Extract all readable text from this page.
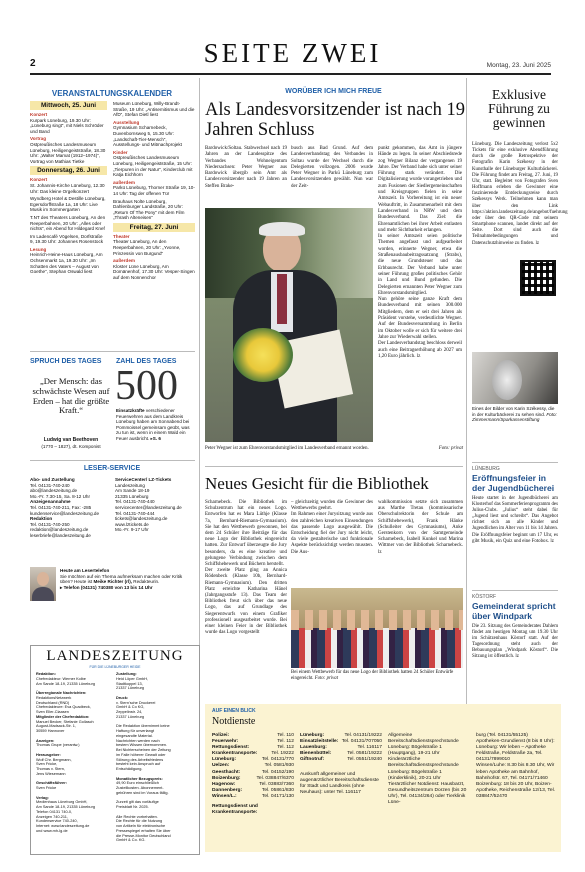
2	SEITE ZWEI	Montag, 23. Juni 2025
VERANSTALTUNGSKALENDER
Mittwoch, 25. Juni
Konzert
Kurpark Lüneburg, 19.30 Uhr: „Lüneburg singt“, mit Niels Schröder und Band
Vortrag
Ostpreußisches Landesmuseum Lüneburg, Heiligengeiststraße, 18.30 Uhr: „Walter Mamat (1912–1974)“, Vortrag von Mathias Tietke
Donnerstag, 26. Juni
Konzert
St. Johannis-Kirche Lüneburg, 12.30 Uhr: Das kleine Orgelkonzert
Wyndberg Hotel & Destille Lüneburg, Egersdorffstraße 1a, 18 Uhr: Live Musik im Sommergarten
T.NT des Theaters Lüneburg, An den Reeperbahnen, 20 Uhr: „Alles oder nichts“, ein Abend für Hildegard Knef
Im Ladencafé Vögelsen, Dorfstraße 9, 19.30 Uhr: Johannes Rosenstock
Lesung
Heinrich-Heine-Haus Lüneburg, Am Ochsenmarkt 1a, 19.30 Uhr: „Im Schatten des Vaters – August von Goethe“, Stephan Oswald liest
Museum Lüneburg, Willy-Brandt-Straße, 19 Uhr: „Antisemitismus und die AfD“, Stefan Dietl liest
Ausstellung
Gymnasium Scharnebeck, Duvenbornsweg 5, 15.30 Uhr: „Landschaft-Tier-Mensch“, Ausstellungs- und Mitmachprojekt
Kinder
Ostpreußisches Landesmuseum Lüneburg, Heiligengeiststraße, 15 Uhr: „Tierpuren in der Natur“, Kinderclub mit Katja Eichhorn
außerdem
Parkü Lüneburg, Thorner Straße 19, 10-14 Uhr: Tag der offenen Tür
Brauhaus Nolte Lüneburg, Dahlenburger Landstraße, 20 Uhr: „Return Of The Pony“ mit dem Film „Thrash Alteneisen“
Freitag, 27. Juni
Theater
Theater Lüneburg, An den Reeperbahnen, 20 Uhr: „Yvonne, Prinzessin von Burgund“
außerdem
Kloster Lüne Lüneburg, Am Domänenhof, 17.30 Uhr: Vesper-Singen auf dem Nonnenchor
SPRUCH DES TAGES
„Der Mensch: das schwächste Wesen auf Erden – hat die größte Kraft.“
Ludwig van Beethoven
(1770 – 1827), dt. Komponist
ZAHL DES TAGES
500
Einsatzkräfte verschiedener Feuerwehren aus dem Landkreis Lüneburg haben am Sonnabend bei Pommoissel gemeinsam geübt, was zu tun ist, wenn in einem Wald ein Feuer ausbricht. ▸S. 6
LESER-SERVICE
Abo- und Zustellung
Tel. 04131-740-240
abo@landeszeitung.de
Mo.-Fr. 7.30-15, Sa. 8-12 Uhr
Anzeigenannahme
Tel. 04131-740-211, Fax: -285
kundenservice@landeszeitung.de
Redaktion
Tel. 04131-740-250
redaktion@landeszeitung.de
leserbriefe@landeszeitung.de
ServiceCenter/ LZ-Tickets
Landeszeitung
Am Sande 18-19
21335 Lüneburg
Tel. 04131-740-440
servicecenter@landeszeitung.de
Tel. 04131-740-444
tickets@landeszeitung.de
www.lztickets.de
Mo.-Fr. 9-17 Uhr
Heute am Lesertelefon
Sie möchten auf ein Thema aufmerksam machen oder Kritik üben? Heute ist Meike Richter (rl), Redakteurin.
▸ Telefon (04131) 740380 von 13 bis 14 Uhr
LANDESZEITUNG
FÜR DIE LÜNEBURGER HEIDE
Redaktion:
Chefredakteur: Werner Kolbe
Am Sande 18-19, 21335 Lüneburg

Überregionale Nachrichten:
RedaktionsNetzwerk
Deutschland (RND)
Chefredakteure: Eva Quadbeck,
Sven Eller-Claasen
Mitglieder der Chefredaktion:
Manuel Becker, Stefanie Gollasch
August-Madsack-Str. 1,
30559 Hannover

Anzeigen:
Thomas Grupe (verantw.)

Herausgeber:
Wolf Chr. Bergmann,
Sven Fricke,
Thomas v. Stern,
Jens Wiesemann

Geschäftsführer:
Sven Fricke

Verlag:
Medienhaus Lüneburg GmbH,
Am Sande 18-19, 21335 Lüneburg
Telefon 04131 740-0,
Anzeigen 740-211,
Kundenservice 740-240,
Internet: www.landeszeitung.de
und www.mh-lg.de
Zustellung:
Heid Löper GmbH,
Stadtkoppel 13,
21337 Lüneburg

Druck:
v. Stern'sche Druckerei
GmbH & Co KG,
Zeppelinstr. 24,
21337 Lüneburg

Die Redaktion übernimmt keine
Haftung für unverlangt
eingesandte Material.
Nachrichten werden nach
bestem Wissen übernommen.
Bei Nichterscheinen der Zeitung
im Falle höherer Gewalt oder
Störung des Arbeitsfriedens
besteht kein Anspruch auf
Entschädigung.

Monatlicher Bezugspreis:
49,90 Euro einschließlich
Zustellkosten. Abonnement-
gebühren sind im Voraus fällig.

Zurzeit gilt das vorläufige
Preisblatt Nr. 2025.

Alle Rechte vorbehalten.
Die Rechte für die Nutzung
von Artikeln für elektronische
Pressespiegel erhalten Sie über
die Presse-Monitor Deutschland
GmbH & Co. KG.
WORÜBER ICH MICH FREUE
Als Landesvorsitzender ist nach 19 Jahren Schluss
Bardowick/Soltau. Stabwechsel nach 19 Jahren an der Landesspitze des Verbandes Wohneigentum Niedersachsen: Peter Wegner aus Bardowick übergib sein Amt als Landesvorsitzender nach 19 Jahren an Steffen Brake-
busch aus Bad Grund. Auf dem Landesverbandstag des Verbandes in Soltau wurde der Wechsel durch die Delegierten vollzogen. 2006 wurde Peter Wegner in Parkü Lüneburg zum Landesvorsitzenden gewählt. Nun war der Zeit-
punkt gekommen, das Amt in jüngere Hände zu legen. In seiner Abschiedsrede zog Wegner Bilanz der vergangenen 19 Jahre. Der Verband habe sich unter seiner Führung stark verändert. Die Digitalisierung wurde vorangetrieben und zum Fusionen der Siedlergemeinschaften und Kreisgruppen fielen in seine Amtszeit. In Vorbereitung ist ein neuer Webauftritt, in Zusammenarbeit mit dem Landesverband in NRW und dem Bundesverband. Das Ziel: die Ehrenamtlichen bei ihrer Arbeit entlasten und mehr Sichtbarkeit erlangen.
In seiner Amtszeit seien politische Themen angefasst und aufgearbeitet worden, erinnerte Wegner, etwa die Straßenausbaubeitragssatzung (Strabs), die neue Grundsteuer und das Erbbaurecht. Der Verband habe unter seiner Führung großes politisches Gehör in Land und Bund gefunden. Die Delegierten ernannten Peter Wegner zum Ehrenvorstandsmitglied.
Nun gehöre seine ganze Kraft dem Bundesverband mit seinen 300.000 Mitgliedern, dem er seit drei Jahren als Präsident vorstehe, verdeutlichte Wegner. Auf der Bundesversammlung in Berlin im Oktober wolle er sich für weitere drei Jahre zur Wiederwahl stellen.
Der Landesverbandstag beschloss derweil auch eine Beitragserhöhung ab 2027 um 1,20 Euro jährlich. lz
Peter Wegner ist zum Ehrenvorstandsmitglied im Landesverband ernannt worden.	Foto: privat
Exklusive Führung zu gewinnen
Lüneburg. Die Landeszeitung verlost 5x2 Tickets für eine exklusive Abendführung durch die große Retrospektive der Fotografin Karin Székessy in der Kunsthalle der Lüneburger Kulturbäckerei. Die Führung findet am Freitag, 27. Juni, 19 Uhr, statt. Begleitet von Fotografen Sven Hoffmann erleben die Gewinner eine faszinierende Entdeckungsreise durch Székessys Werk. Teilnehmen kann man über den Link https://aktion.landeszeitung.de/angebot/fuehrung oder über den QR-Code mit seinem Smartphone scannen, landet direkt auf der Seite. Dort sind auch die Teilnahmebedingungen und Datenschutzhinweise zu finden. lz
Eines der Bilder von Karin Székessy, die in der Kulturbäckerei zu sehen sind. Foto: Zimmermann/Sparkassenstiftung
Neues Gesicht für die Bibliothek
Scharnebeck. Die Bibliothek im Schulzentrum hat ein neues Logo. Entworfen hat es Mara Lüthje (Klasse 7a, Bernhard-Riemann-Gymnasium). Sie hat den Wettbewerb gewonnen, bei dem 24 Schüler ihre Beiträge für das neue Logo der Bibliothek eingereicht hatten. Zur Entwurf überzeugte die Jury besonders, da es eine kreative und gelungene Verbindung zwischen dem Schiffshebewerk und Büchern herstellt.
Der zweite Platz ging an Annica Rödenbeck (Klasse 10b, Bernhard-Riemann-Gymnasium). Den dritten Platz erreichte Katharina Hänel (Jahrgangsstufe 13). Das Team der Bibliothek freut sich über das neue Logo, das auf Grundlage des Siegerentwurfs von einem Grafiker professionell ausgearbeitet wurde. Bei einer kleinen Feier in der Bibliothek wurde das Logo vorgestellt
– gleichzeitig wurden die Gewinner des Wettbewerbs geehrt.
Im Rahmen einer Jurysitzung wurde aus den zahlreichen kreativen Einsendungen das passende Logo ausgewählt. Die Entscheidung fiel der Jury nicht leicht, da viele gestalterische und funktionale Aspekte berücksichtigt werden mussten. Die Aus-
wahlkommission setzte sich zusammen aus Marthe Tretau (kommissarische Oberschulrektorin der Schule am Schiffshebewerk), Frank Hänke (Schulleiter des Gymnasiums), Anke Gerstenkorn von der Samtgemeinde Scharnebeck, Isabell Kunkel und Marina Wittmer von der Bibliothek Scharnebeck. lz
Bei einem Wettbewerb für das neue Logo der Bibliothek hatten 24 Schüler Entwürfe eingereicht. Foto: privat
LÜNEBURG
Eröffnungsfeier in der Jugendbücherei
Heute startet in der Jugendbücherei am Klosterhof das Sommerferienprogramm des Julius-Clubs. „Julius“ steht dabei für „Jugend liest und schreibt“. Das Angebot richtet sich an alle Kinder und Jugendlichen im Alter von 11 bis 14 Jahren. Die Eröffnungsfeier beginnt um 17 Uhr, es gibt Musik, ein Quiz und eine Fotobox. lz
KÖSTORF
Gemeinderat spricht über Windpark
Die 23. Sitzung des Gemeinderates Dahlem findet am heutigen Montag um 19.30 Uhr im Schützenhaus Köstorf statt. Auf der Tagesordnung steht auch der Bebauungsplan „Windpark Köstorf“. Die Sitzung ist öffentlich. lz
AUF EINEN BLICK
Notdienste
Polizei:	Tel. 110
Feuerwehr:	Tel. 112
Rettungsdienst:	Tel. 112
Krankentransporte:	Tel. 19222
Lüneburg:	Tel. 04131/770
Uelzen:	Tel. 0581/930
Geesthacht:	Tel. 04152/190
Boizenburg:	Tel. 038847/6370
Hagenow:	Tel. 03883/7360
Dannenberg:	Tel. 05861/830
Winsen/L.:	Tel. 04171/130
Rettungsdienst und Krankentransporte:
Lüneburg:	Tel. 04131/19222
Einsatzleitstelle: Tel. 04131/707050
Lauenburg:	Tel. 116117
Bienenbüttel:	Tel. 0581/19222
Giftnotruf:	Tel. 0551/19240
Auskunft allgemeiner und augenärztlicher Bereitschaftsdienste für Stadt und Landkreis (ohne Neuhaus): unter Tel. 116117
Allgemeine Bereitschaftsdienstsprechstunde Lüneburg: Bögelstraße 1 (Hauptgang), 19-21 Uhr
Kinderärztliche Bereitschaftsdienstsprechstunde Lüneburg: Bögelstraße 1 (Kinderklinik), 20-21 Uhr
Tierärztlicher Notdienst: Hausbarzt, Gesundheitszentrum Dorzen (bis 20 Uhr), Tel. 04134/264) oder Tierklinik Lüne-
burg (Tel. 04131/55125)
Apotheken-Grundienst (8 bis 8 Uhr):
Lüneburg: Wir leben – Apotheke Feldstraße, Feldstraße 2a, Tel. 04131/7899010
Winsen/Luhe: 8.30 bis 8.30 Uhr, Wir leben Apotheke am Bahnhof, Bahnhofstr. 67, Tel. 04171/71460
Boizenburg: 18 bis 20 Uhr, Boizen-Apotheke, Reichenstraße 12/13, Tel. 038847/52470
